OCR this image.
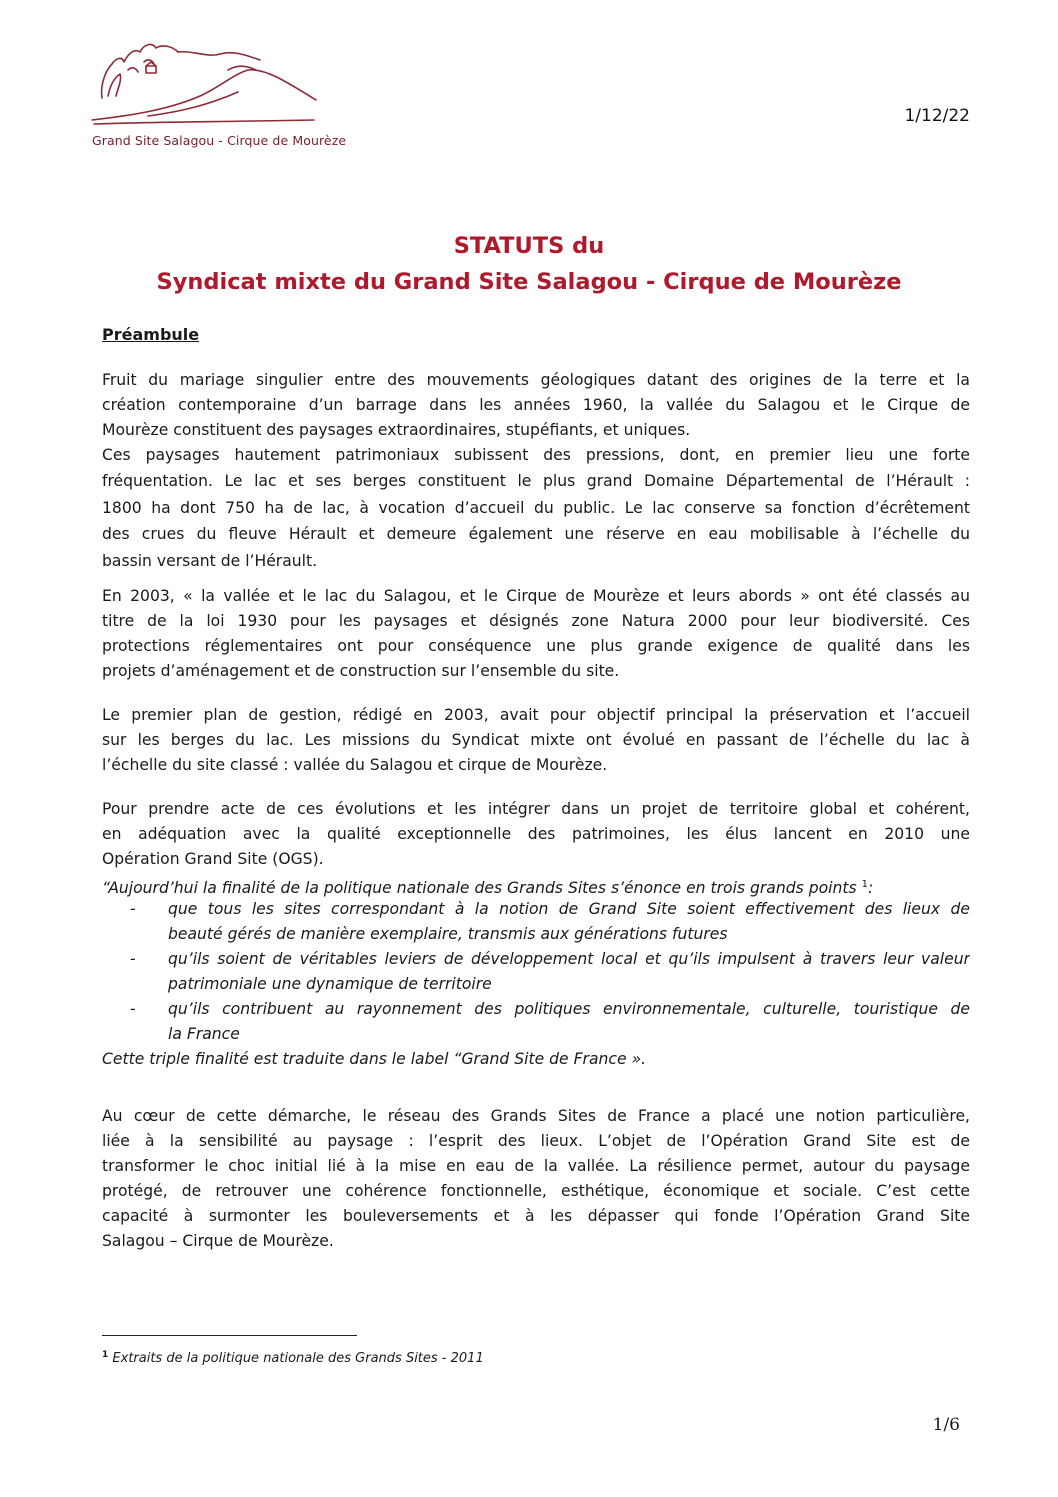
Grand Site Salagou - Cirque de Mourèze
1/12/22
STATUTS du
Syndicat mixte du Grand Site Salagou - Cirque de Mourèze
Préambule
Fruit du mariage singulier entre des mouvements géologiques datant des origines de la terre et la
création contemporaine d’un barrage dans les années 1960, la vallée du Salagou et le Cirque de
Mourèze constituent des paysages extraordinaires, stupéfiants, et uniques.
Ces paysages hautement patrimoniaux subissent des pressions, dont, en premier lieu une forte
fréquentation. Le lac et ses berges constituent le plus grand Domaine Départemental de l’Hérault :
1800 ha dont 750 ha de lac, à vocation d’accueil du public. Le lac conserve sa fonction d’écrêtement
des crues du fleuve Hérault et demeure également une réserve en eau mobilisable à l’échelle du
bassin versant de l’Hérault.
En 2003, « la vallée et le lac du Salagou, et le Cirque de Mourèze et leurs abords » ont été classés au
titre de la loi 1930 pour les paysages et désignés zone Natura 2000 pour leur biodiversité. Ces
protections réglementaires ont pour conséquence une plus grande exigence de qualité dans les
projets d’aménagement et de construction sur l’ensemble du site.
Le premier plan de gestion, rédigé en 2003, avait pour objectif principal la préservation et l’accueil
sur les berges du lac. Les missions du Syndicat mixte ont évolué en passant de l’échelle du lac à
l’échelle du site classé : vallée du Salagou et cirque de Mourèze.
Pour prendre acte de ces évolutions et les intégrer dans un projet de territoire global et cohérent,
en adéquation avec la qualité exceptionnelle des patrimoines, les élus lancent en 2010 une
Opération Grand Site (OGS).
“Aujourd’hui la finalité de la politique nationale des Grands Sites s’énonce en trois grands points $^1$:
- que tous les sites correspondant à la notion de Grand Site soient effectivement des lieux de
beauté gérés de manière exemplaire, transmis aux générations futures
- qu’ils soient de véritables leviers de développement local et qu’ils impulsent à travers leur valeur
patrimoniale une dynamique de territoire
- qu’ils contribuent au rayonnement des politiques environnementale, culturelle, touristique de
la France
Cette triple finalité est traduite dans le label “Grand Site de France ».
Au cœur de cette démarche, le réseau des Grands Sites de France a placé une notion particulière,
liée à la sensibilité au paysage : l’esprit des lieux. L’objet de l’Opération Grand Site est de
transformer le choc initial lié à la mise en eau de la vallée. La résilience permet, autour du paysage
protégé, de retrouver une cohérence fonctionnelle, esthétique, économique et sociale. C’est cette
capacité à surmonter les bouleversements et à les dépasser qui fonde l’Opération Grand Site
Salagou – Cirque de Mourèze.
$^1$ Extraits de la politique nationale des Grands Sites - 2011
1/6
